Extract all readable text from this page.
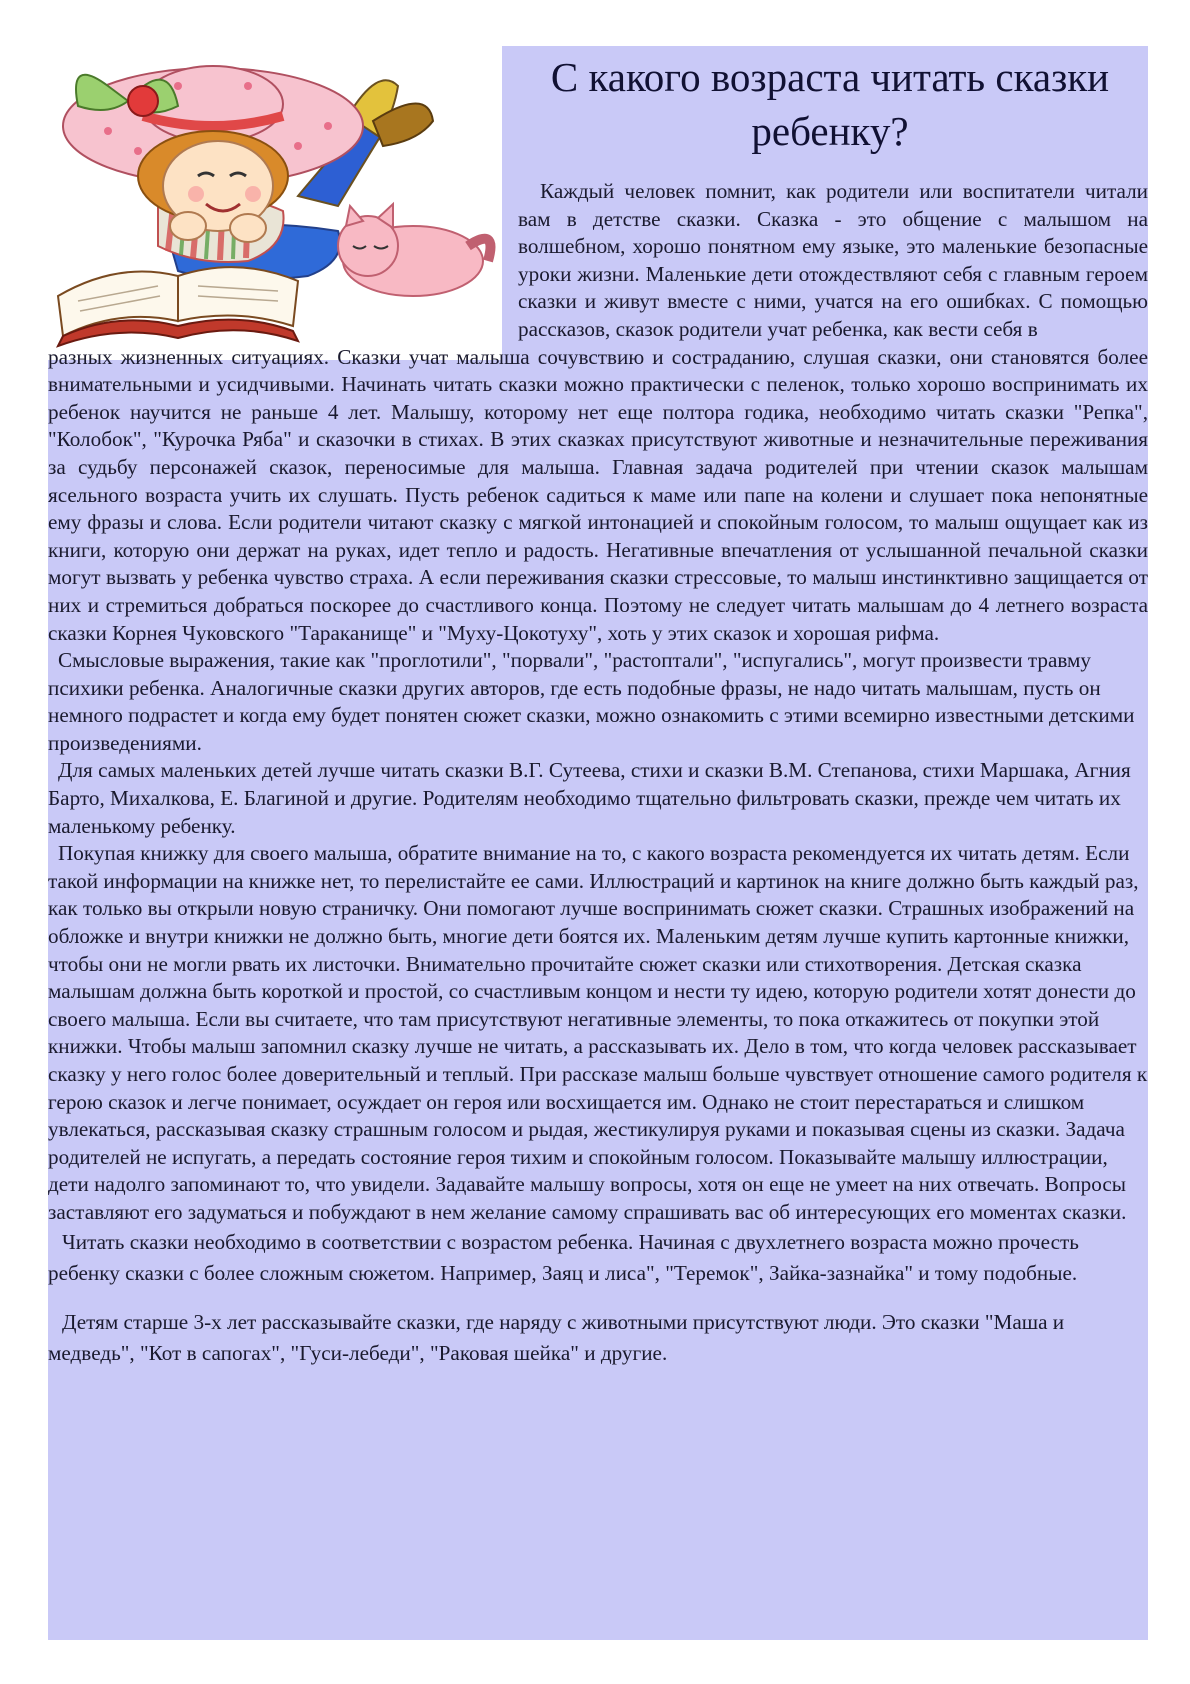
С какого возраста читать сказки ребенку?

Каждый человек помнит, как родители или воспитатели читали вам в детстве сказки. Сказка - это общение с малышом на волшебном, хорошо понятном ему языке, это маленькие безопасные уроки жизни. Маленькие дети отождествляют себя с главным героем сказки и живут вместе с ними, учатся на его ошибках. С помощью рассказов, сказок родители учат ребенка, как вести себя в

разных жизненных ситуациях. Сказки учат малыша сочувствию и состраданию, слушая сказки, они становятся более внимательными и усидчивыми. Начинать читать сказки можно практически с пеленок, только хорошо воспринимать их ребенок научится не раньше 4 лет. Малышу, которому нет еще полтора годика, необходимо читать сказки "Репка", "Колобок", "Курочка Ряба" и сказочки в стихах. В этих сказках присутствуют животные и незначительные переживания за судьбу персонажей сказок, переносимые для малыша. Главная задача родителей при чтении сказок малышам ясельного возраста учить их слушать. Пусть ребенок садиться к маме или папе на колени и слушает пока непонятные ему фразы и слова. Если родители читают сказку с мягкой интонацией и спокойным голосом, то малыш ощущает как из книги, которую они держат на руках, идет тепло и радость. Негативные впечатления от услышанной печальной сказки могут вызвать у ребенка чувство страха. А если переживания сказки стрессовые, то малыш инстинктивно защищается от них и стремиться добраться поскорее до счастливого конца. Поэтому не следует читать малышам до 4 летнего возраста сказки Корнея Чуковского "Тараканище" и "Муху-Цокотуху", хоть у этих сказок и хорошая рифма.

Смысловые выражения, такие как "проглотили", "порвали", "растоптали", "испугались", могут произвести травму психики ребенка. Аналогичные сказки других авторов, где есть подобные фразы, не надо читать малышам, пусть он немного подрастет и когда ему будет понятен сюжет сказки, можно ознакомить с этими всемирно известными детскими произведениями.

Для самых маленьких детей лучше читать сказки В.Г. Сутеева, стихи и сказки В.М. Степанова, стихи Маршака, Агния Барто, Михалкова, Е. Благиной и другие. Родителям необходимо тщательно фильтровать сказки, прежде чем читать их маленькому ребенку.

Покупая книжку для своего малыша, обратите внимание на то, с какого возраста рекомендуется их читать детям. Если такой информации на книжке нет, то перелистайте ее сами. Иллюстраций и картинок на книге должно быть каждый раз, как только вы открыли новую страничку. Они помогают лучше воспринимать сюжет сказки. Страшных изображений на обложке и внутри книжки не должно быть, многие дети боятся их. Маленьким детям лучше купить картонные книжки, чтобы они не могли рвать их листочки. Внимательно прочитайте сюжет сказки или стихотворения. Детская сказка малышам должна быть короткой и простой, со счастливым концом и нести ту идею, которую родители хотят донести до своего малыша. Если вы считаете, что там присутствуют негативные элементы, то пока откажитесь от покупки этой книжки. Чтобы малыш запомнил сказку лучше не читать, а рассказывать их. Дело в том, что когда человек рассказывает сказку у него голос более доверительный и теплый. При рассказе малыш больше чувствует отношение самого родителя к герою сказок и легче понимает, осуждает он героя или восхищается им. Однако не стоит перестараться и слишком увлекаться, рассказывая сказку страшным голосом и рыдая, жестикулируя руками и показывая сцены из сказки. Задача родителей не испугать, а передать состояние героя тихим и спокойным голосом. Показывайте малышу иллюстрации, дети надолго запоминают то, что увидели. Задавайте малышу вопросы, хотя он еще не умеет на них отвечать. Вопросы заставляют его задуматься и побуждают в нем желание самому спрашивать вас об интересующих его моментах сказки.

Читать сказки необходимо в соответствии с возрастом ребенка. Начиная с двухлетнего возраста можно прочесть ребенку сказки с более сложным сюжетом. Например, Заяц и лиса", "Теремок", Зайка-зазнайка" и тому подобные.

Детям старше 3-х лет рассказывайте сказки, где наряду с животными присутствуют люди. Это сказки "Маша и медведь", "Кот в сапогах", "Гуси-лебеди", "Раковая шейка" и другие.
